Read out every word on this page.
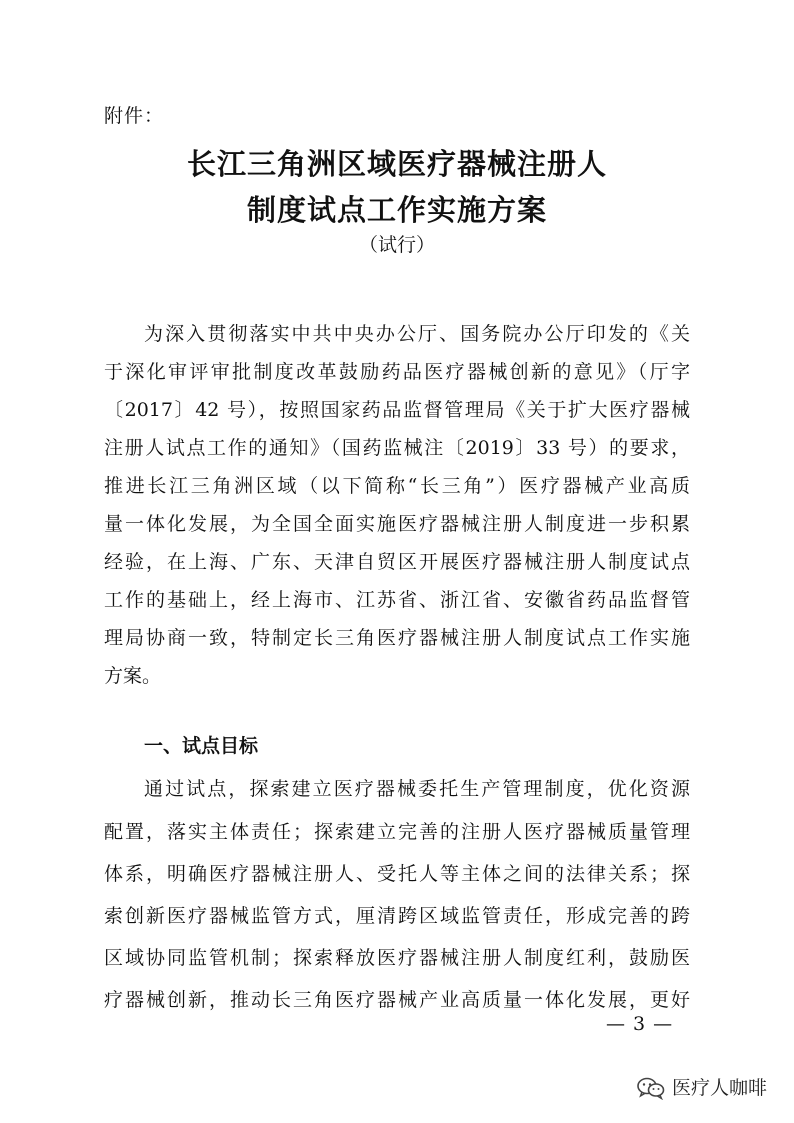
附件：
长江三角洲区域医疗器械注册人
制度试点工作实施方案
（试行）
为深入贯彻落实中共中央办公厅、国务院办公厅印发的《关
于深化审评审批制度改革鼓励药品医疗器械创新的意见》（厅字
〔2017〕42 号），按照国家药品监督管理局《关于扩大医疗器械
注册人试点工作的通知》（国药监械注〔2019〕33 号）的要求，
推进长江三角洲区域（以下简称“长三角”）医疗器械产业高质
量一体化发展，为全国全面实施医疗器械注册人制度进一步积累
经验，在上海、广东、天津自贸区开展医疗器械注册人制度试点
工作的基础上，经上海市、江苏省、浙江省、安徽省药品监督管
理局协商一致，特制定长三角医疗器械注册人制度试点工作实施
方案。
一、试点目标
通过试点，探索建立医疗器械委托生产管理制度，优化资源
配置，落实主体责任；探索建立完善的注册人医疗器械质量管理
体系，明确医疗器械注册人、受托人等主体之间的法律关系；探
索创新医疗器械监管方式，厘清跨区域监管责任，形成完善的跨
区域协同监管机制；探索释放医疗器械注册人制度红利，鼓励医
疗器械创新，推动长三角医疗器械产业高质量一体化发展，更好
— 3 —
医疗人咖啡
